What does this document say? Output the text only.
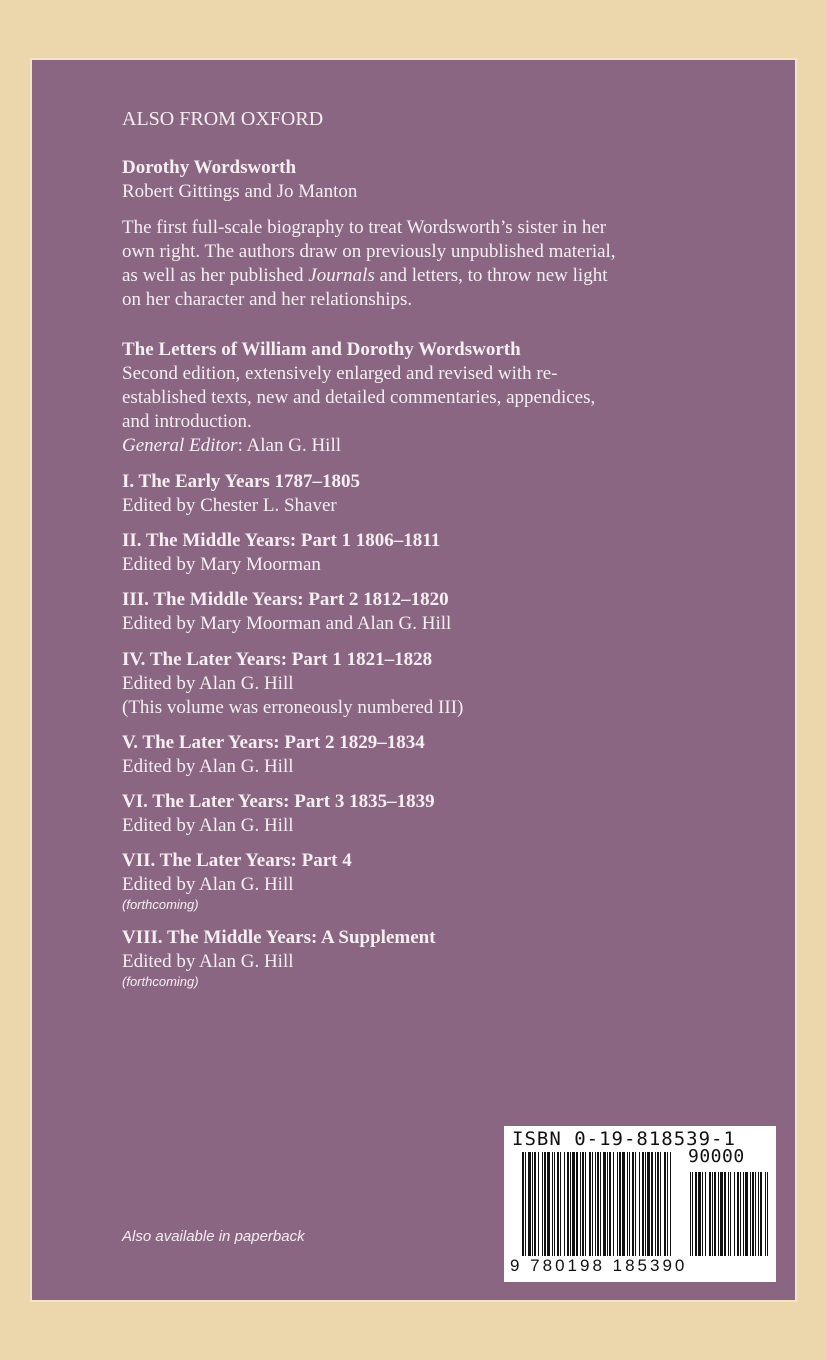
ALSO FROM OXFORD
Dorothy Wordsworth
Robert Gittings and Jo Manton
The first full-scale biography to treat Wordsworth’s sister in her
own right. The authors draw on previously unpublished material,
as well as her published Journals and letters, to throw new light
on her character and her relationships.
The Letters of William and Dorothy Wordsworth
Second edition, extensively enlarged and revised with re-
established texts, new and detailed commentaries, appendices,
and introduction.
General Editor: Alan G. Hill
I. The Early Years 1787–1805
Edited by Chester L. Shaver
II. The Middle Years: Part 1 1806–1811
Edited by Mary Moorman
III. The Middle Years: Part 2 1812–1820
Edited by Mary Moorman and Alan G. Hill
IV. The Later Years: Part 1 1821–1828
Edited by Alan G. Hill
(This volume was erroneously numbered III)
V. The Later Years: Part 2 1829–1834
Edited by Alan G. Hill
VI. The Later Years: Part 3 1835–1839
Edited by Alan G. Hill
VII. The Later Years: Part 4
Edited by Alan G. Hill
(forthcoming)
VIII. The Middle Years: A Supplement
Edited by Alan G. Hill
(forthcoming)
Also available in paperback
ISBN 0-19-818539-1
90000
9 780198 185390
